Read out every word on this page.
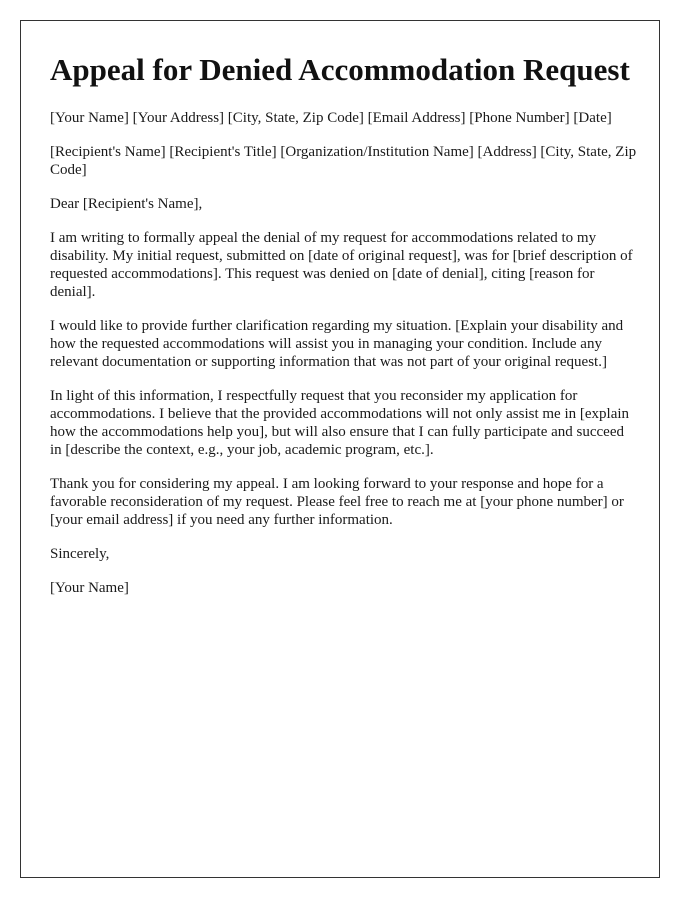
Appeal for Denied Accommodation Request

[Your Name] [Your Address] [City, State, Zip Code] [Email Address] [Phone Number] [Date]

[Recipient's Name] [Recipient's Title] [Organization/Institution Name] [Address] [City, State, Zip Code]

Dear [Recipient's Name],

I am writing to formally appeal the denial of my request for accommodations related to my disability. My initial request, submitted on [date of original request], was for [brief description of requested accommodations]. This request was denied on [date of denial], citing [reason for denial].

I would like to provide further clarification regarding my situation. [Explain your disability and how the requested accommodations will assist you in managing your condition. Include any relevant documentation or supporting information that was not part of your original request.]

In light of this information, I respectfully request that you reconsider my application for accommodations. I believe that the provided accommodations will not only assist me in [explain how the accommodations help you], but will also ensure that I can fully participate and succeed in [describe the context, e.g., your job, academic program, etc.].

Thank you for considering my appeal. I am looking forward to your response and hope for a favorable reconsideration of my request. Please feel free to reach me at [your phone number] or [your email address] if you need any further information.

Sincerely,

[Your Name]
